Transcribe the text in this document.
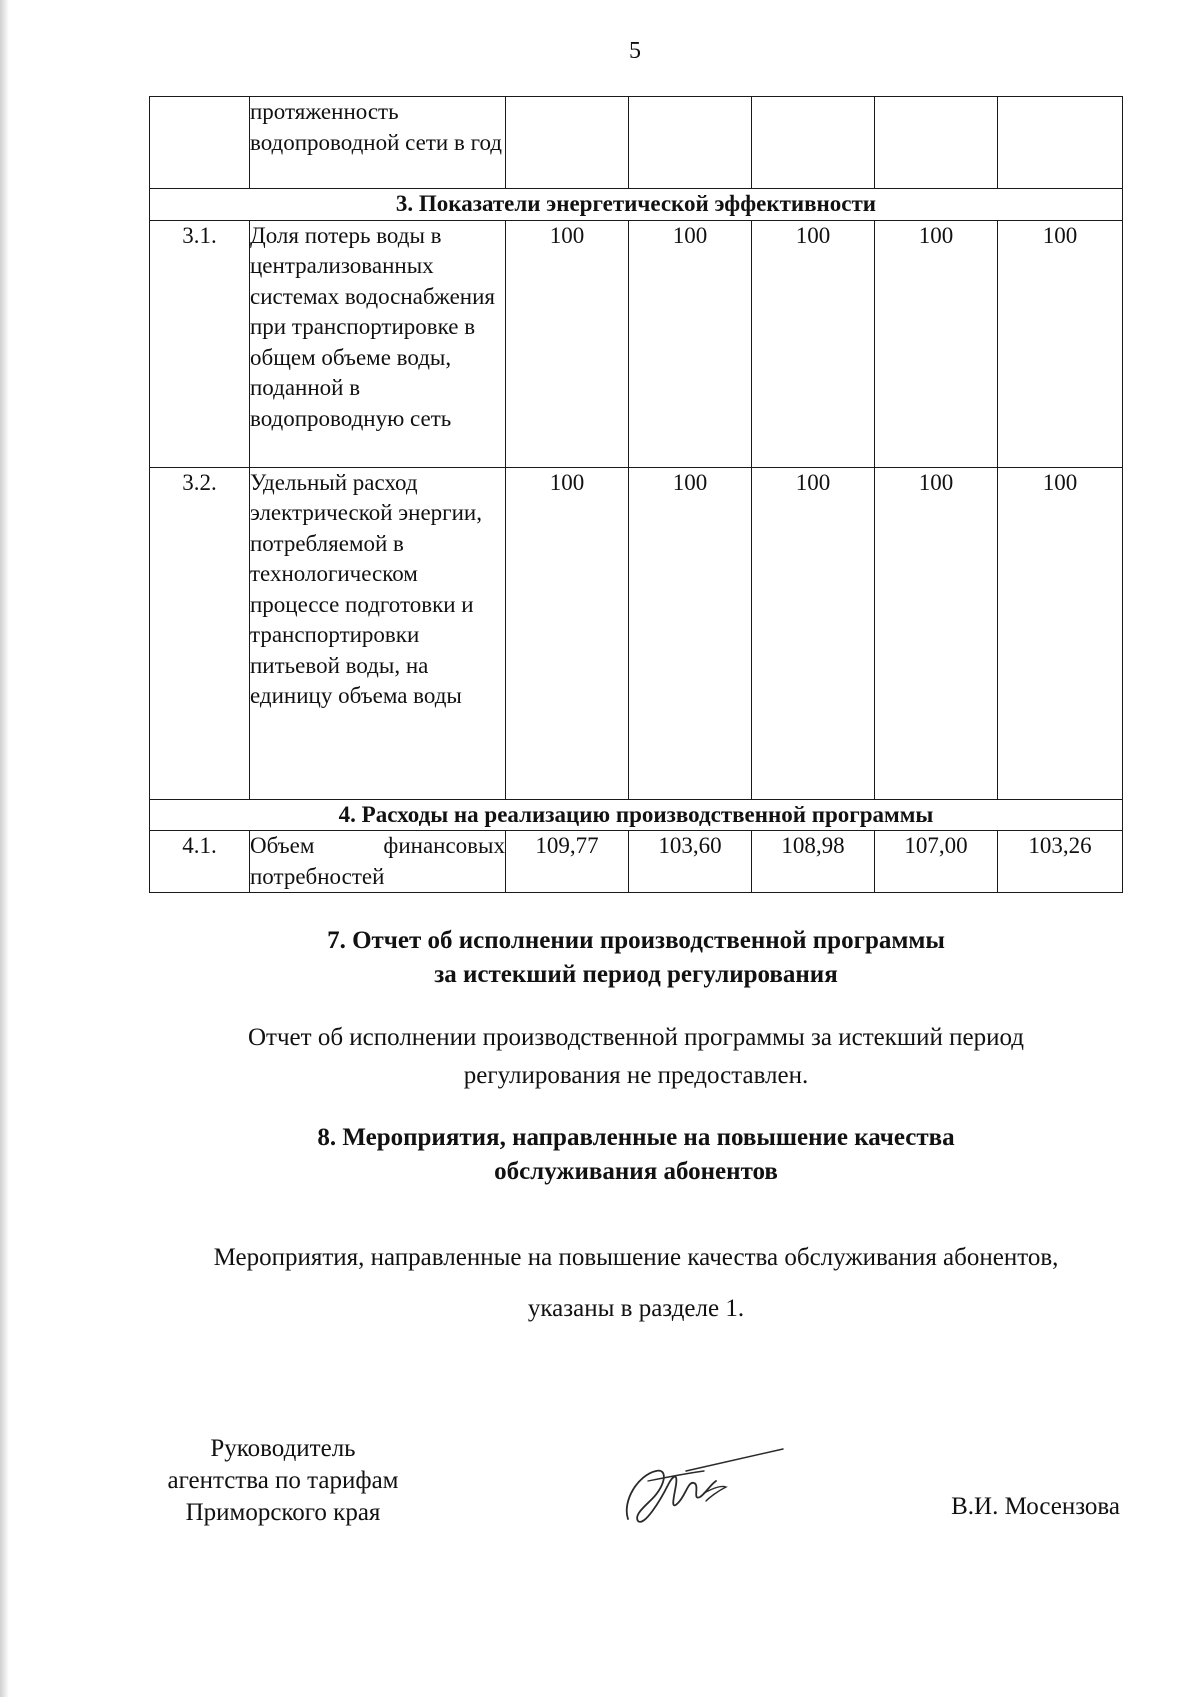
5
	протяженность водопроводной сети в год					
3. Показатели энергетической эффективности						
3.1.	Доля потерь воды в централизованных системах водоснабжения при транспортировке в общем объеме воды, поданной в водопроводную сеть	100	100	100	100	100
3.2.	Удельный расход электрической энергии, потребляемой в технологическом процессе подготовки и транспортировки питьевой воды, на единицу объема воды	100	100	100	100	100
4. Расходы на реализацию производственной программы						
4.1.	Объем финансовых потребностей	109,77	103,60	108,98	107,00	103,26
7. Отчет об исполнении производственной программы
за истекший период регулирования
Отчет об исполнении производственной программы за истекший период
регулирования не предоставлен.
8. Мероприятия, направленные на повышение качества
обслуживания абонентов
Мероприятия, направленные на повышение качества обслуживания абонентов,
указаны в разделе 1.
Руководитель
агентства по тарифам
Приморского края	В.И. Мосензова
